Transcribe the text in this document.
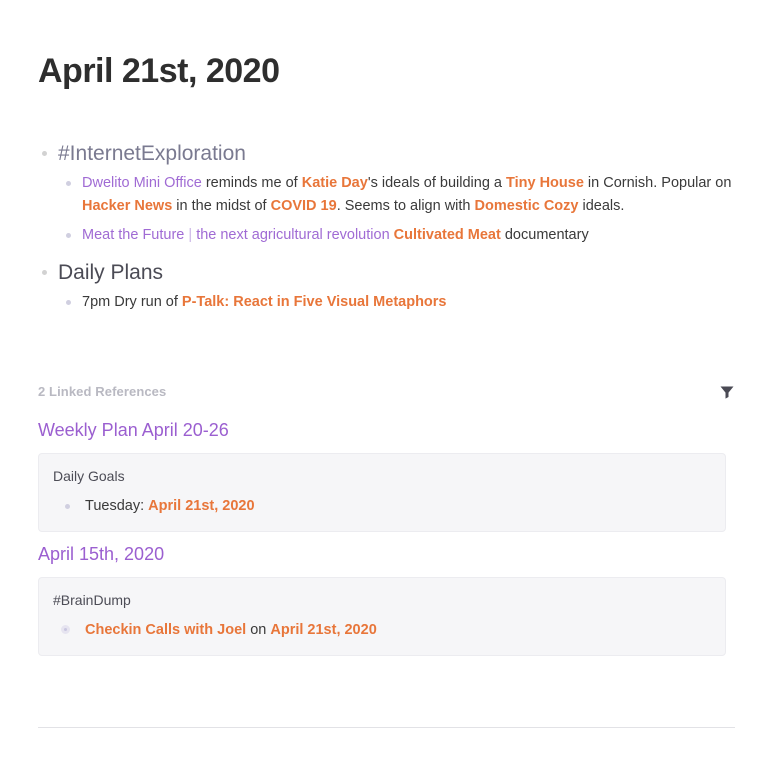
April 21st, 2020
#InternetExploration
Dwelito Mini Office reminds me of Katie Day's ideals of building a Tiny House in Cornish. Popular on Hacker News in the midst of COVID 19. Seems to align with Domestic Cozy ideals.
Meat the Future | the next agricultural revolution Cultivated Meat documentary
Daily Plans
7pm Dry run of P-Talk: React in Five Visual Metaphors
2 Linked References
Weekly Plan April 20-26
Daily Goals
Tuesday: April 21st, 2020
April 15th, 2020
#BrainDump
Checkin Calls with Joel on April 21st, 2020
